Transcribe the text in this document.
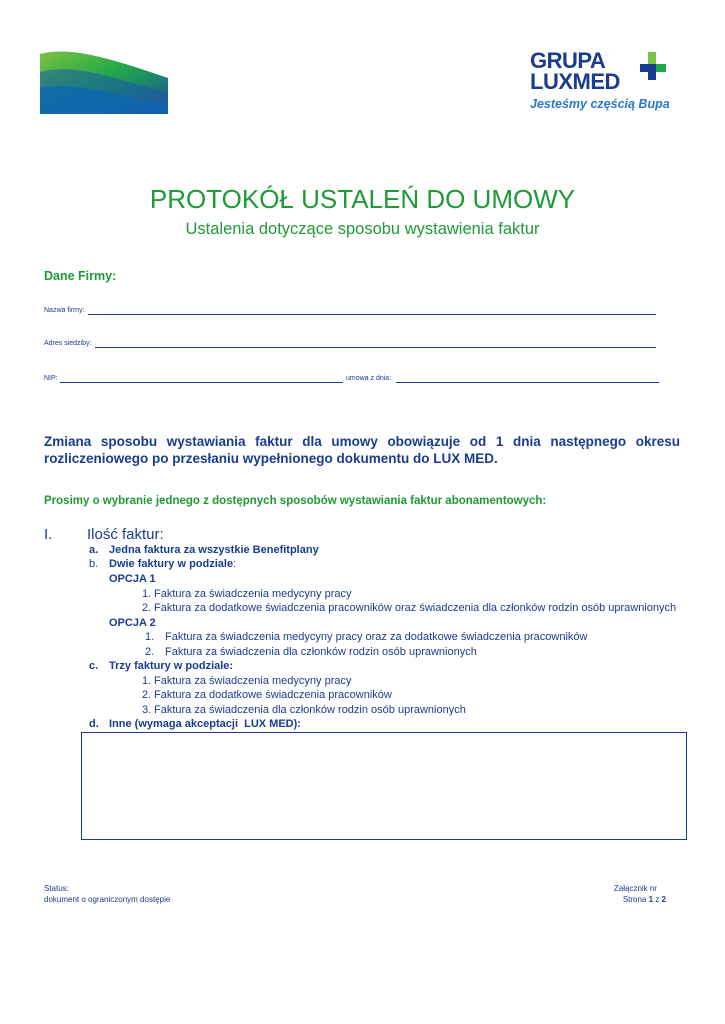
GRUPA
LUXMED
Jesteśmy częścią Bupa
PROTOKÓŁ USTALEŃ DO UMOWY
Ustalenia dotyczące sposobu wystawienia faktur
Dane Firmy:
Nazwa firmy:
Adres siedziby:
NIP:	umowa z dnia:
Zmiana sposobu wystawiania faktur dla umowy obowiązuje od 1 dnia następnego okresu
rozliczeniowego po przesłaniu wypełnionego dokumentu do LUX MED.
Prosimy o wybranie jednego z dostępnych sposobów wystawiania faktur abonamentowych:
I. Ilość faktur:
a. Jedna faktura za wszystkie Benefitplany
b. Dwie faktury w podziale:
OPCJA 1
1. Faktura za świadczenia medycyny pracy
2. Faktura za dodatkowe świadczenia pracowników oraz świadczenia dla członków rodzin osób uprawnionych
OPCJA 2
1. Faktura za świadczenia medycyny pracy oraz za dodatkowe świadczenia pracowników
2. Faktura za świadczenia dla członków rodzin osób uprawnionych
c. Trzy faktury w podziale:
1. Faktura za świadczenia medycyny pracy
2. Faktura za dodatkowe świadczenia pracowników
3. Faktura za świadczenia dla członków rodzin osób uprawnionych
d. Inne (wymaga akceptacji  LUX MED):
Status:
dokument o ograniczonym dostępie
Załącznik nr
Strona 1 z 2
